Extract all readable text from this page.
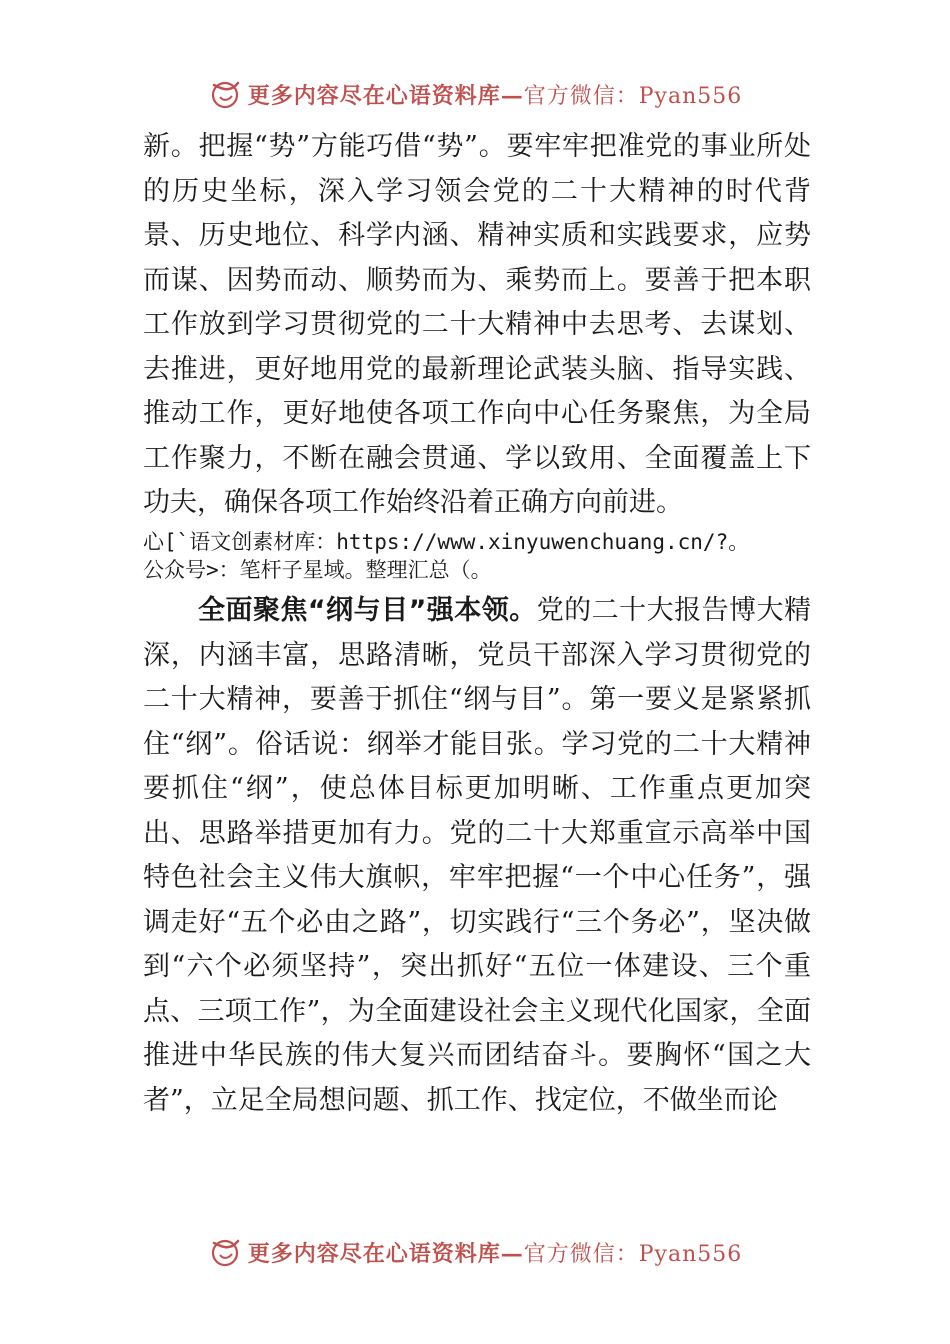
更多内容尽在心语资料库—官方微信：Pyan556

新。把握“势”方能巧借“势”。要牢牢把准党的事业所处的历史坐标，深入学习领会党的二十大精神的时代背景、历史地位、科学内涵、精神实质和实践要求，应势而谋、因势而动、顺势而为、乘势而上。要善于把本职工作放到学习贯彻党的二十大精神中去思考、去谋划、去推进，更好地用党的最新理论武装头脑、指导实践、推动工作，更好地使各项工作向中心任务聚焦，为全局工作聚力，不断在融会贯通、学以致用、全面覆盖上下功夫，确保各项工作始终沿着正确方向前进。

心[`语文创素材库：https://www.xinyuwenchuang.cn/?。
公众号>：笔杆子星域。整理汇总（。

全面聚焦“纲与目”强本领。党的二十大报告博大精深，内涵丰富，思路清晰，党员干部深入学习贯彻党的二十大精神，要善于抓住“纲与目”。第一要义是紧紧抓住“纲”。俗话说：纲举才能目张。学习党的二十大精神要抓住“纲”，使总体目标更加明晰、工作重点更加突出、思路举措更加有力。党的二十大郑重宣示高举中国特色社会主义伟大旗帜，牢牢把握“一个中心任务”，强调走好“五个必由之路”，切实践行“三个务必”，坚决做到“六个必须坚持”，突出抓好“五位一体建设、三个重点、三项工作”，为全面建设社会主义现代化国家，全面推进中华民族的伟大复兴而团结奋斗。要胸怀“国之大者”，立足全局想问题、抓工作、找定位，不做坐而论

更多内容尽在心语资料库—官方微信：Pyan556
